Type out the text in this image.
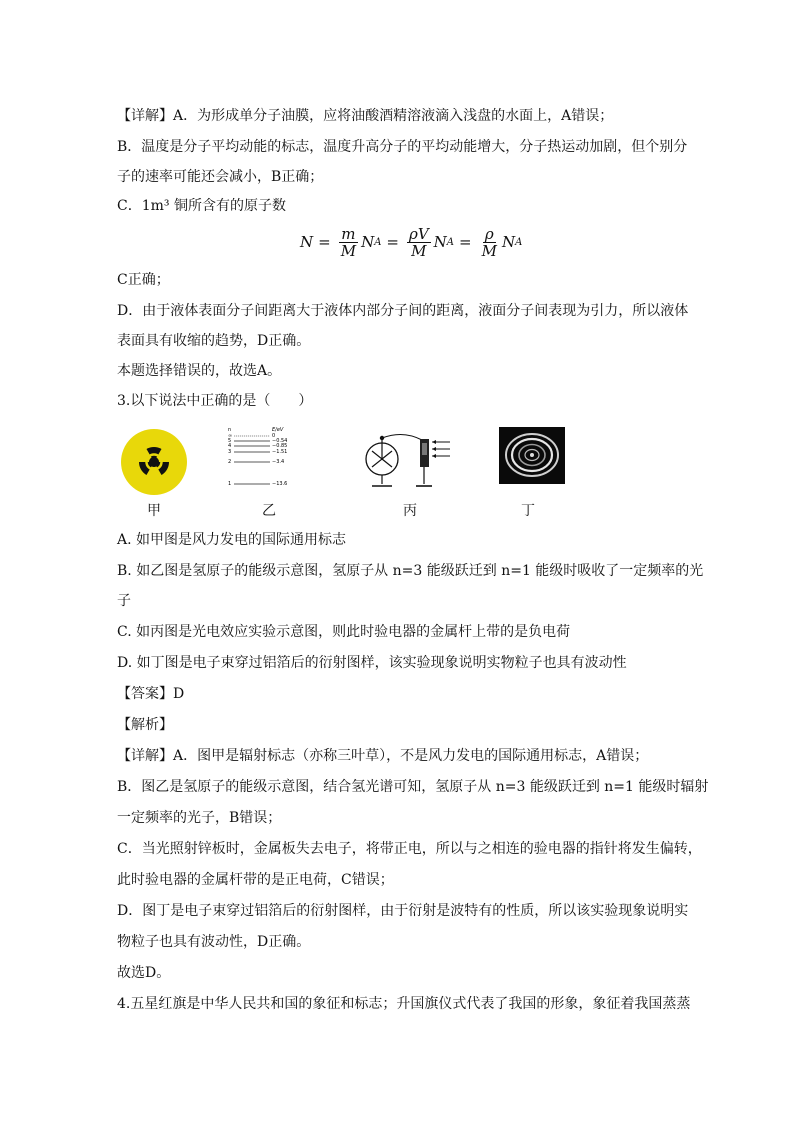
【详解】A．为形成单分子油膜，应将油酸酒精溶液滴入浅盘的水面上，A错误；
B．温度是分子平均动能的标志，温度升高分子的平均动能增大，分子热运动加剧，但个别分
子的速率可能还会减小，B正确；
C．1m³ 铜所含有的原子数
$N = \frac{m}{M}$ N $A = \frac{\rho V}{M}$ N $A = \frac{\rho}{M}$ N A
C正确；
D．由于液体表面分子间距离大于液体内部分子间的距离，液面分子间表现为引力，所以液体
表面具有收缩的趋势，D正确。
本题选择错误的，故选A。
3.以下说法中正确的是（　　）
n	E/eV
∞	0
5	−0.54
4	−0.85
3	−1.51
2	−3.4
1	−13.6
甲	乙	丙	丁
A. 如甲图是风力发电的国际通用标志
B. 如乙图是氢原子的能级示意图，氢原子从 n=3 能级跃迁到 n=1 能级时吸收了一定频率的光
子
C. 如丙图是光电效应实验示意图，则此时验电器的金属杆上带的是负电荷
D. 如丁图是电子束穿过铝箔后的衍射图样，该实验现象说明实物粒子也具有波动性
【答案】D
【解析】
【详解】A．图甲是辐射标志（亦称三叶草），不是风力发电的国际通用标志，A错误；
B．图乙是氢原子的能级示意图，结合氢光谱可知，氢原子从 n=3 能级跃迁到 n=1 能级时辐射
一定频率的光子，B错误；
C．当光照射锌板时，金属板失去电子，将带正电，所以与之相连的验电器的指针将发生偏转，
此时验电器的金属杆带的是正电荷，C错误；
D．图丁是电子束穿过铝箔后的衍射图样，由于衍射是波特有的性质，所以该实验现象说明实
物粒子也具有波动性，D正确。
故选D。
4.五星红旗是中华人民共和国的象征和标志；升国旗仪式代表了我国的形象，象征着我国蒸蒸
